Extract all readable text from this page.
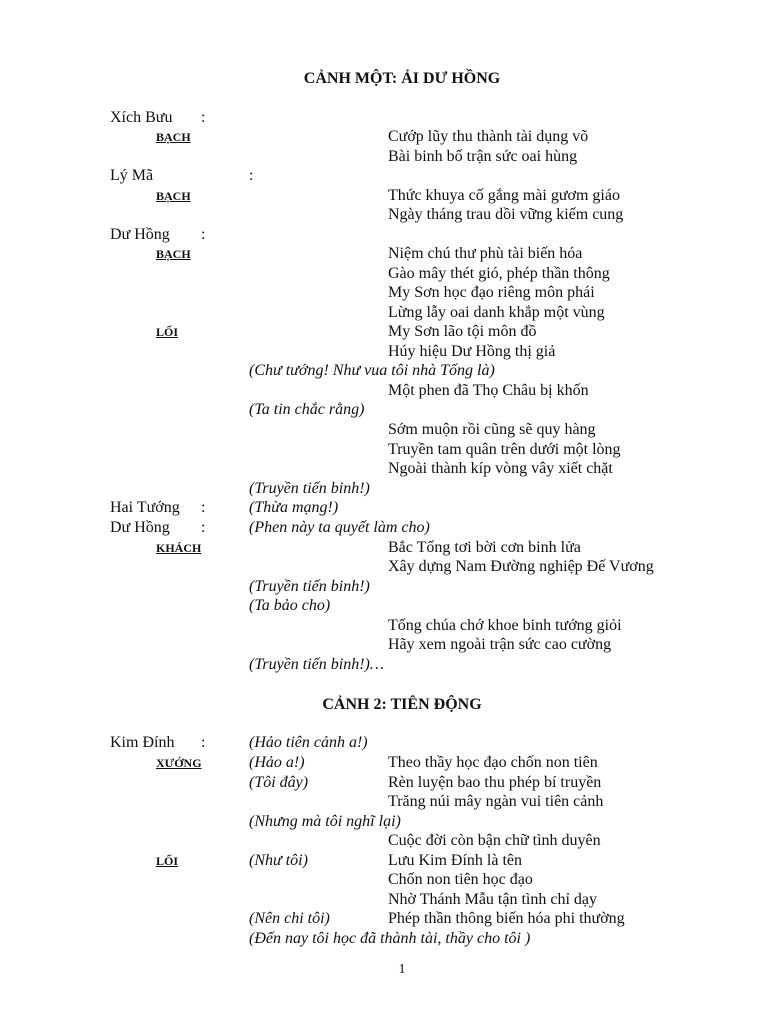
CẢNH MỘT: ẢI DƯ HỒNG
CẢNH 2: TIÊN ĐỘNG
Xích Bưu :
BẠCH	Cướp lũy thu thành tài dụng võ
Bài binh bố trận sức oai hùng
Lý Mã	:
BẠCH	Thức khuya cố gắng mài gươm giáo
Ngày tháng trau dồi vững kiếm cung
Dư Hồng :
BẠCH	Niệm chú thư phù tài biến hóa
Gào mây thét gió, phép thần thông
My Sơn học đạo riêng môn phái
Lừng lẫy oai danh khắp một vùng
LỐI	My Sơn lão tội môn đồ
Húy hiệu Dư Hồng thị giả
(Chư tướng! Như vua tôi nhà Tống là)
Một phen đã Thọ Châu bị khốn
(Ta tin chắc rằng)
Sớm muộn rồi cũng sẽ quy hàng
Truyền tam quân trên dưới một lòng
Ngoài thành kíp vòng vây xiết chặt
(Truyền tiến binh!)
Hai Tướng :	(Thừa mạng!)
Dư Hồng :	(Phen này ta quyết làm cho)
KHÁCH	Bắc Tống tơi bời cơn binh lửa
Xây dựng Nam Đường nghiệp Đế Vương
(Truyền tiến binh!)
(Ta bảo cho)
Tống chúa chớ khoe binh tướng giỏi
Hãy xem ngoài trận sức cao cường
(Truyền tiến binh!)…
Kim Đính :	(Hảo tiên cảnh a!)
XƯỚNG	(Hảo a!)	Theo thầy học đạo chốn non tiên
(Tôi đây)	Rèn luyện bao thu phép bí truyền
Trăng núi mây ngàn vui tiên cảnh
(Nhưng mà tôi nghĩ lại)
Cuộc đời còn bận chữ tình duyên
LỐI	(Như tôi)	Lưu Kim Đính là tên
Chốn non tiên học đạo
Nhờ Thánh Mẫu tận tình chỉ dạy
(Nên chi tôi)	Phép thần thông biến hóa phi thường
(Đến nay tôi học đã thành tài, thầy cho tôi )
1
